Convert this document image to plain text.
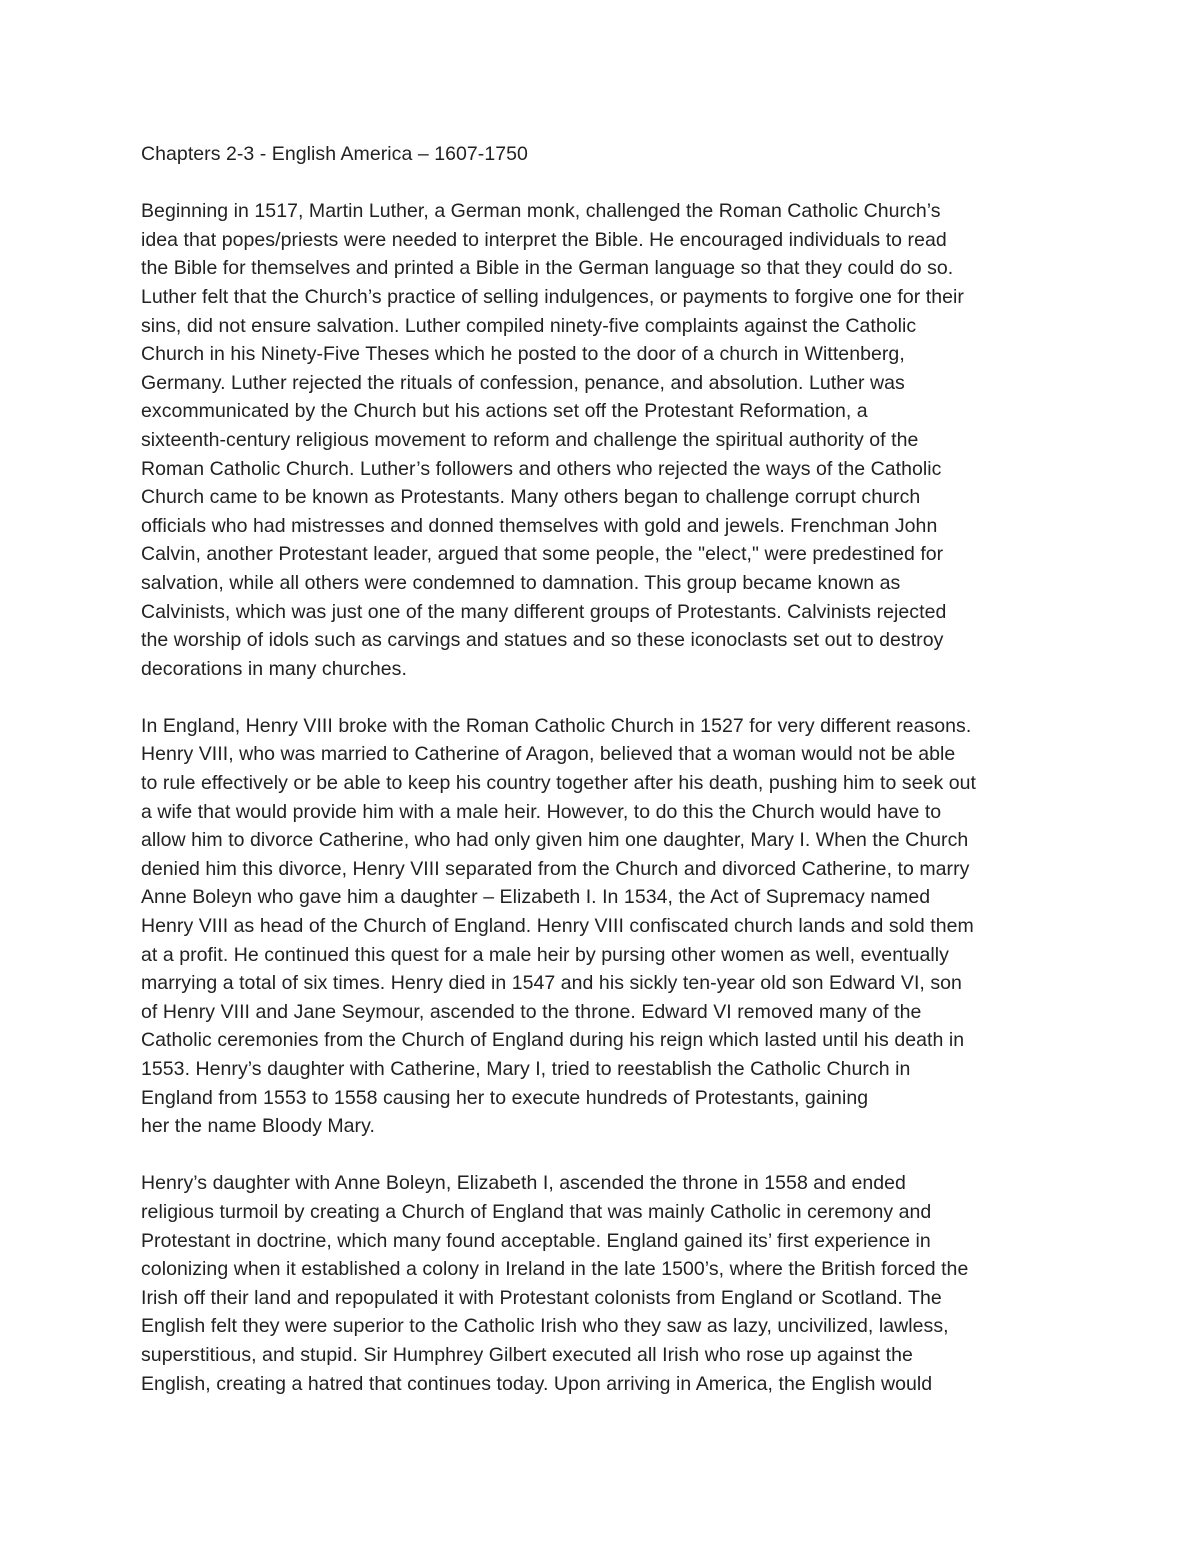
Chapters 2-3 - English America – 1607-1750

Beginning in 1517, Martin Luther, a German monk, challenged the Roman Catholic Church’s
idea that popes/priests were needed to interpret the Bible. He encouraged individuals to read
the Bible for themselves and printed a Bible in the German language so that they could do so.
Luther felt that the Church’s practice of selling indulgences, or payments to forgive one for their
sins, did not ensure salvation. Luther compiled ninety-five complaints against the Catholic
Church in his Ninety-Five Theses which he posted to the door of a church in Wittenberg,
Germany. Luther rejected the rituals of confession, penance, and absolution. Luther was
excommunicated by the Church but his actions set off the Protestant Reformation, a
sixteenth-century religious movement to reform and challenge the spiritual authority of the
Roman Catholic Church. Luther’s followers and others who rejected the ways of the Catholic
Church came to be known as Protestants. Many others began to challenge corrupt church
officials who had mistresses and donned themselves with gold and jewels. Frenchman John
Calvin, another Protestant leader, argued that some people, the "elect," were predestined for
salvation, while all others were condemned to damnation. This group became known as
Calvinists, which was just one of the many different groups of Protestants. Calvinists rejected
the worship of idols such as carvings and statues and so these iconoclasts set out to destroy
decorations in many churches.

In England, Henry VIII broke with the Roman Catholic Church in 1527 for very different reasons.
Henry VIII, who was married to Catherine of Aragon, believed that a woman would not be able
to rule effectively or be able to keep his country together after his death, pushing him to seek out
a wife that would provide him with a male heir. However, to do this the Church would have to
allow him to divorce Catherine, who had only given him one daughter, Mary I. When the Church
denied him this divorce, Henry VIII separated from the Church and divorced Catherine, to marry
Anne Boleyn who gave him a daughter – Elizabeth I. In 1534, the Act of Supremacy named
Henry VIII as head of the Church of England. Henry VIII confiscated church lands and sold them
at a profit. He continued this quest for a male heir by pursing other women as well, eventually
marrying a total of six times. Henry died in 1547 and his sickly ten-year old son Edward VI, son
of Henry VIII and Jane Seymour, ascended to the throne. Edward VI removed many of the
Catholic ceremonies from the Church of England during his reign which lasted until his death in
1553. Henry’s daughter with Catherine, Mary I, tried to reestablish the Catholic Church in
England from 1553 to 1558 causing her to execute hundreds of Protestants, gaining
her the name Bloody Mary.

Henry’s daughter with Anne Boleyn, Elizabeth I, ascended the throne in 1558 and ended
religious turmoil by creating a Church of England that was mainly Catholic in ceremony and
Protestant in doctrine, which many found acceptable. England gained its’ first experience in
colonizing when it established a colony in Ireland in the late 1500’s, where the British forced the
Irish off their land and repopulated it with Protestant colonists from England or Scotland. The
English felt they were superior to the Catholic Irish who they saw as lazy, uncivilized, lawless,
superstitious, and stupid. Sir Humphrey Gilbert executed all Irish who rose up against the
English, creating a hatred that continues today. Upon arriving in America, the English would
